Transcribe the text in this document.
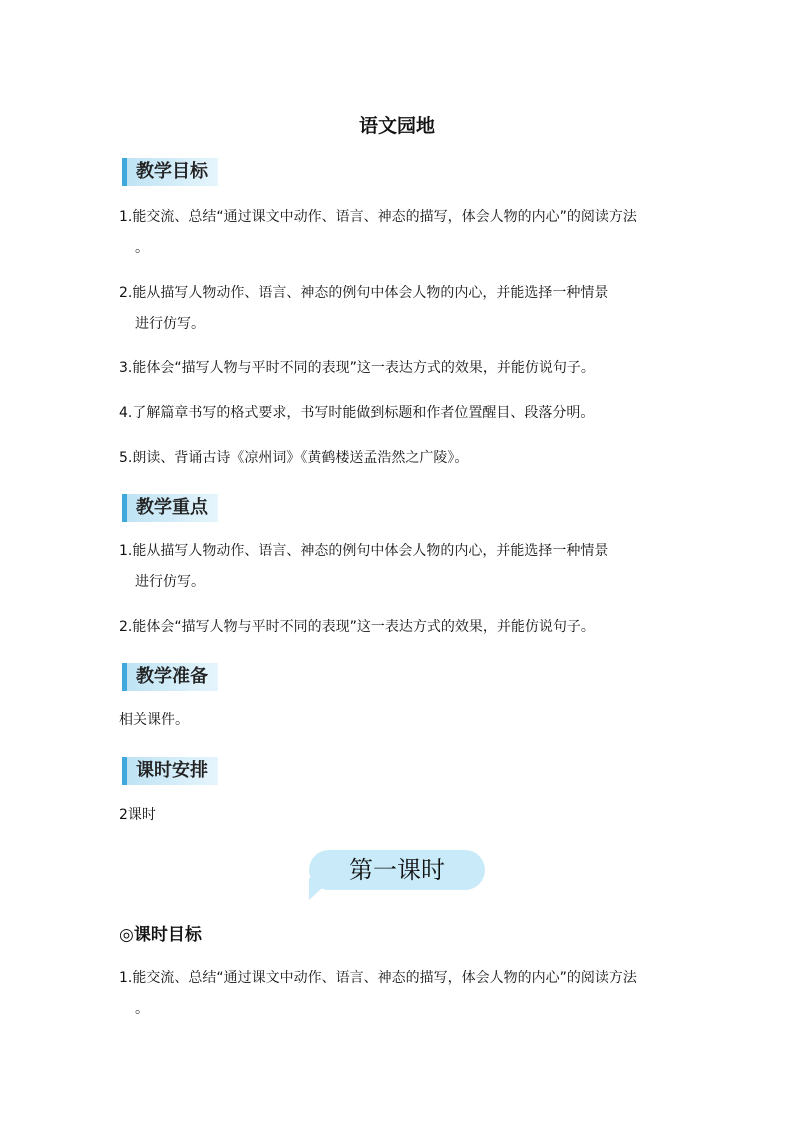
语文园地
教学目标
1.能交流、总结“通过课文中动作、语言、神态的描写，体会人物的内心”的阅读方法
。
2.能从描写人物动作、语言、神态的例句中体会人物的内心，并能选择一种情景
进行仿写。
3.能体会“描写人物与平时不同的表现”这一表达方式的效果，并能仿说句子。
4.了解篇章书写的格式要求，书写时能做到标题和作者位置醒目、段落分明。
5.朗读、背诵古诗《凉州词》《黄鹤楼送孟浩然之广陵》。
教学重点
1.能从描写人物动作、语言、神态的例句中体会人物的内心，并能选择一种情景
进行仿写。
2.能体会“描写人物与平时不同的表现”这一表达方式的效果，并能仿说句子。
教学准备
相关课件。
课时安排
2课时
第一课时
◎课时目标
1.能交流、总结“通过课文中动作、语言、神态的描写，体会人物的内心”的阅读方法
。
